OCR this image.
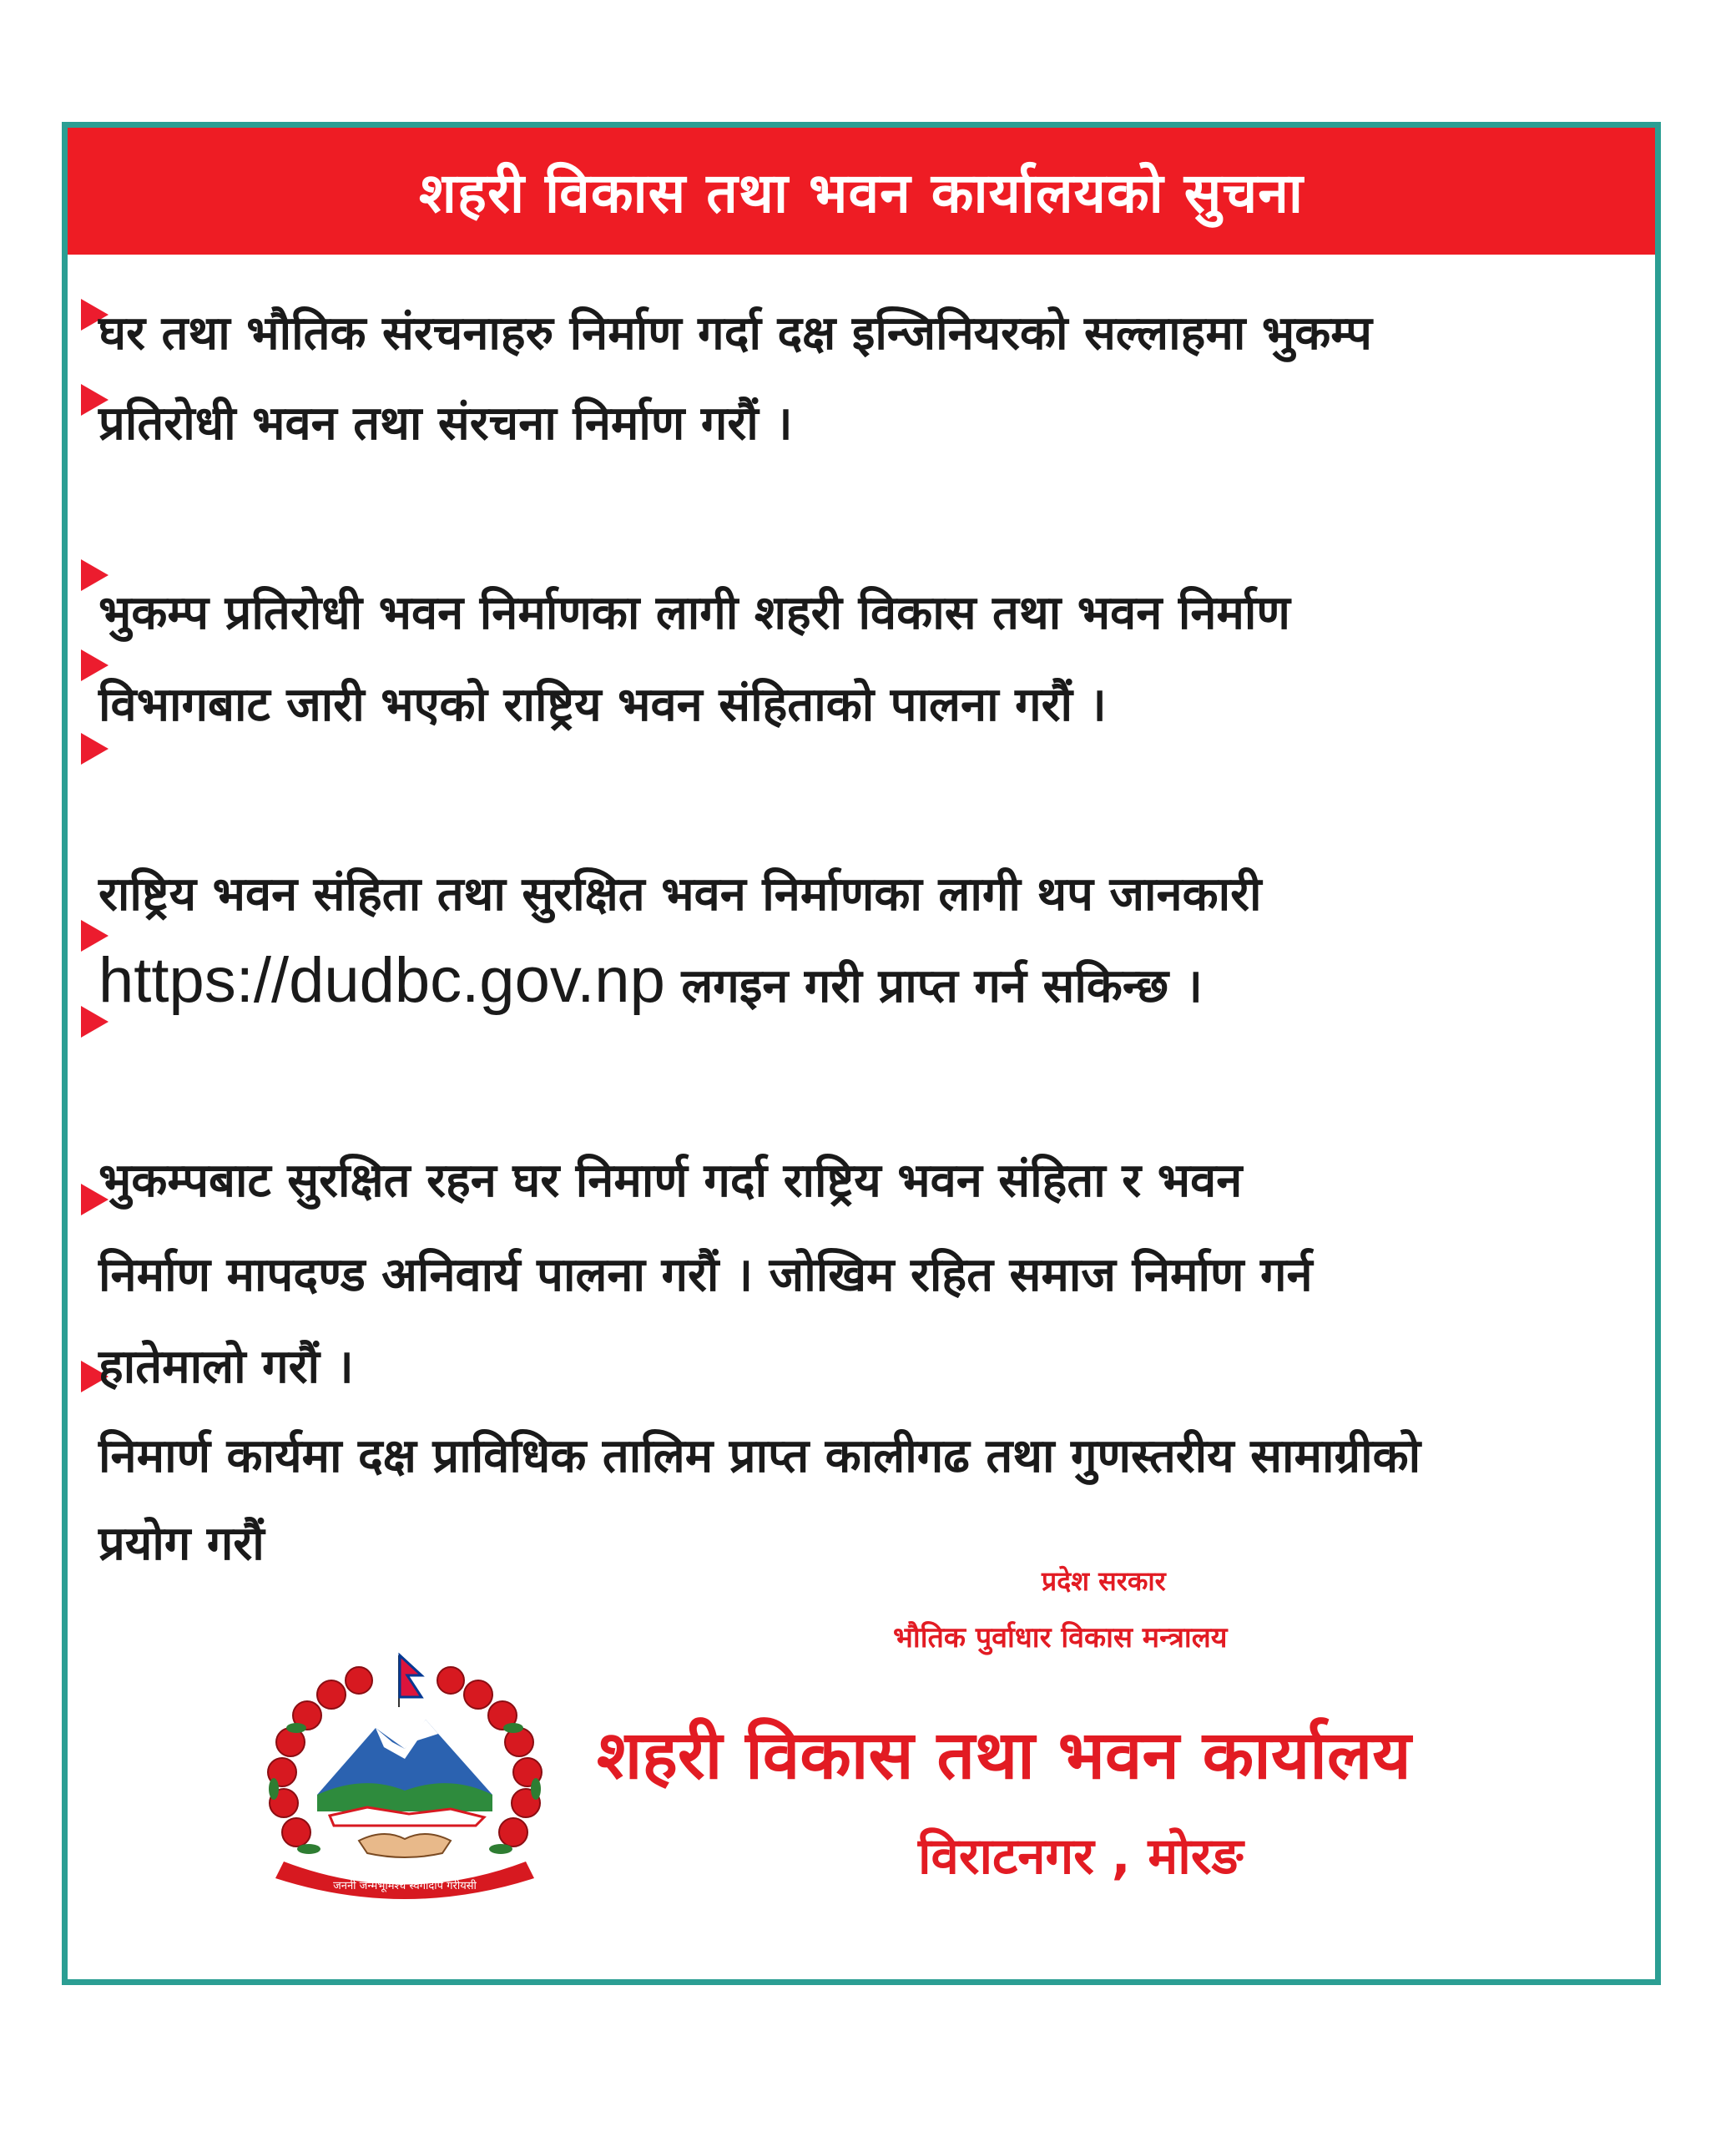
शहरी विकास तथा भवन कार्यालयको सुचना
घर तथा भौतिक संरचनाहरु निर्माण गर्दा दक्ष इन्जिनियरको सल्लाहमा भुकम्प
प्रतिरोधी भवन तथा संरचना निर्माण गरौं ।
भुकम्प प्रतिरोधी भवन निर्माणका लागी शहरी विकास तथा भवन निर्माण
विभागबाट जारी भएको राष्ट्रिय भवन संहिताको पालना गरौं ।
राष्ट्रिय भवन संहिता तथा सुरक्षित भवन निर्माणका लागी थप जानकारी
https://dudbc.gov.np लगइन गरी प्राप्त गर्न सकिन्छ ।
भुकम्पबाट सुरक्षित रहन घर निमार्ण गर्दा राष्ट्रिय भवन संहिता र भवन
निर्माण मापदण्ड अनिवार्य पालना गरौं । जोखिम रहित समाज निर्माण गर्न
हातेमालो गरौं ।
निमार्ण कार्यमा दक्ष प्राविधिक तालिम प्राप्त कालीगढ तथा गुणस्तरीय सामाग्रीको
प्रयोग गरौं
प्रदेश सरकार
भौतिक पुर्वाधार विकास मन्त्रालय
शहरी विकास तथा भवन कार्यालय
विराटनगर , मोरङ
जननी जन्मभूमिश्च स्वर्गादपि गरीयसी
